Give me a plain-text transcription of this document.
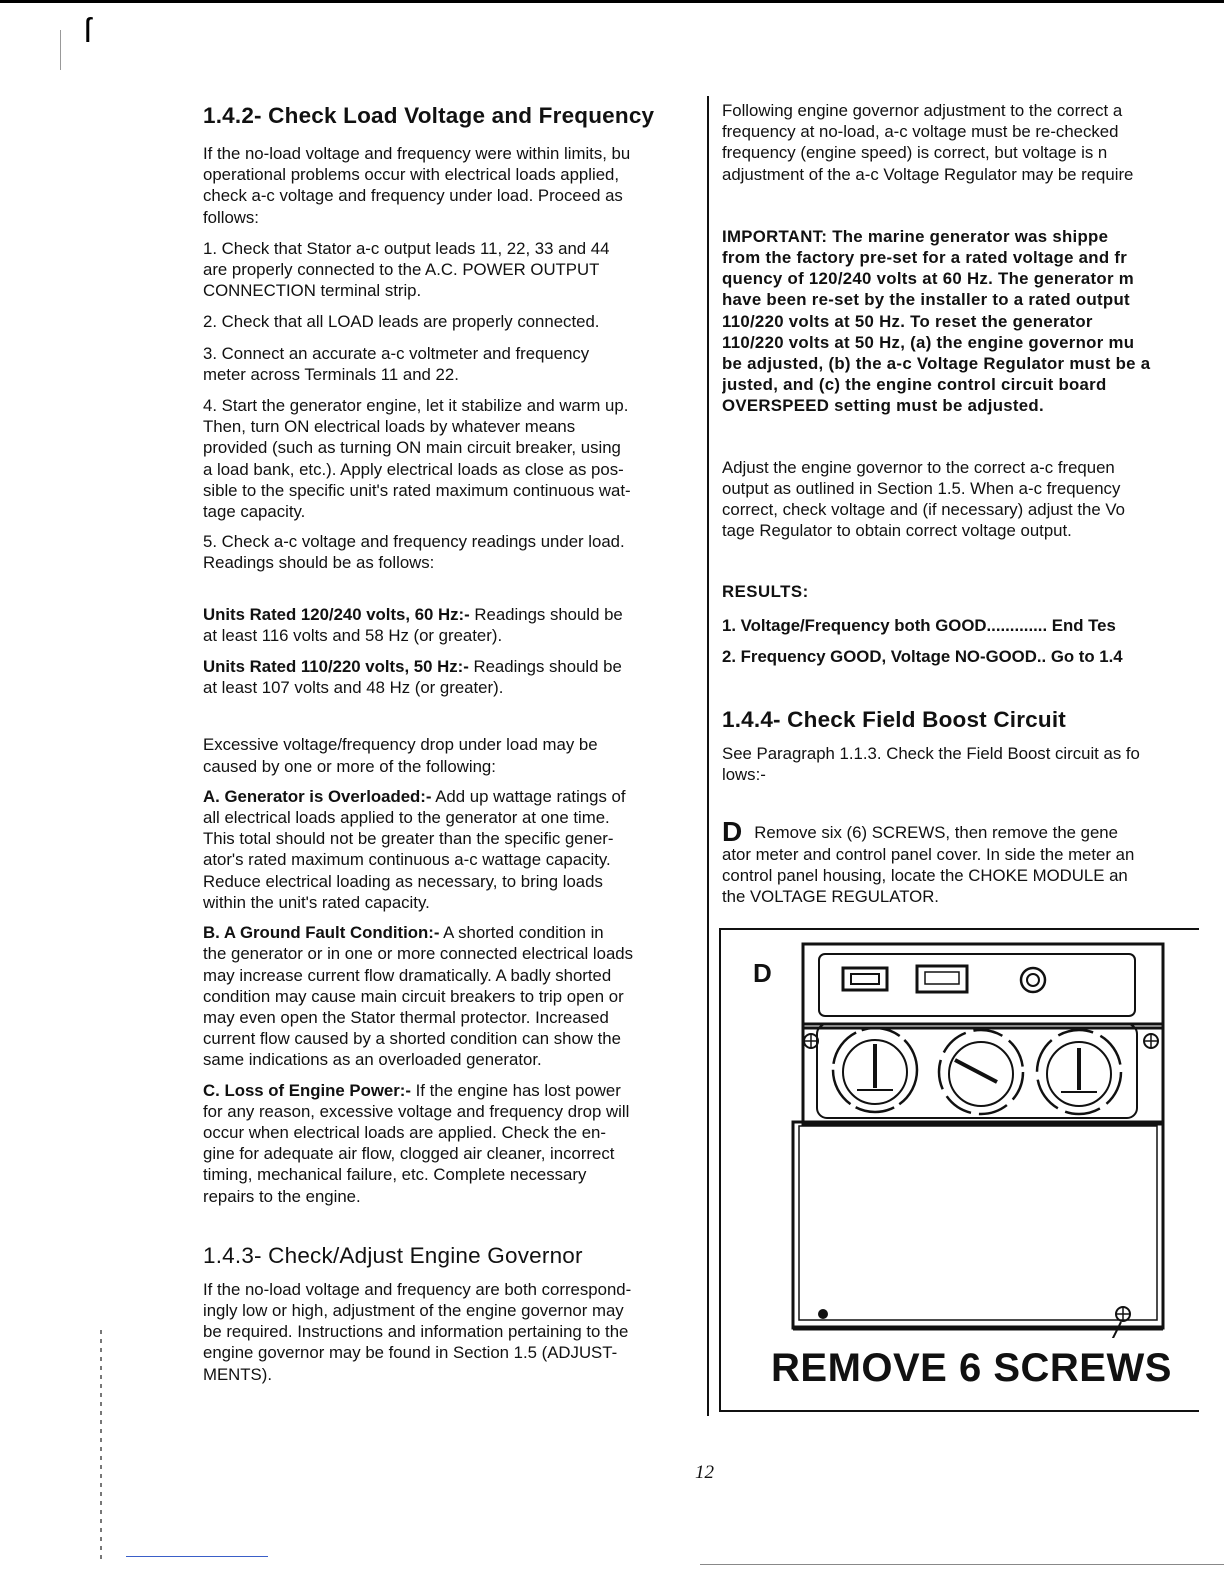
ſ
1.4.2- Check Load Voltage and Frequency

If the no-load voltage and frequency were within limits, bu

operational problems occur with electrical loads applied,

check a-c voltage and frequency under load. Proceed as

follows:

1. Check that Stator a-c output leads 11, 22, 33 and 44

are properly connected to the A.C. POWER OUTPUT

CONNECTION terminal strip.

2. Check that all LOAD leads are properly connected.

3. Connect an accurate a-c voltmeter and frequency

meter across Terminals 11 and 22.

4. Start the generator engine, let it stabilize and warm up.

Then, turn ON electrical loads by whatever means

provided (such as turning ON main circuit breaker, using

a load bank, etc.). Apply electrical loads as close as pos-

sible to the specific unit's rated maximum continuous wat-

tage capacity.

5. Check a-c voltage and frequency readings under load.

Readings should be as follows:

Units Rated 120/240 volts, 60 Hz:- Readings should be

at least 116 volts and 58 Hz (or greater).

Units Rated 110/220 volts, 50 Hz:- Readings should be

at least 107 volts and 48 Hz (or greater).

Excessive voltage/frequency drop under load may be

caused by one or more of the following:

A. Generator is Overloaded:- Add up wattage ratings of

all electrical loads applied to the generator at one time.

This total should not be greater than the specific gener-

ator's rated maximum continuous a-c wattage capacity.

Reduce electrical loading as necessary, to bring loads

within the unit's rated capacity.

B. A Ground Fault Condition:- A shorted condition in

the generator or in one or more connected electrical loads

may increase current flow dramatically. A badly shorted

condition may cause main circuit breakers to trip open or

may even open the Stator thermal protector. Increased

current flow caused by a shorted condition can show the

same indications as an overloaded generator.

C. Loss of Engine Power:- If the engine has lost power

for any reason, excessive voltage and frequency drop will

occur when electrical loads are applied. Check the en-

gine for adequate air flow, clogged air cleaner, incorrect

timing, mechanical failure, etc. Complete necessary

repairs to the engine.

1.4.3- Check/Adjust Engine Governor

If the no-load voltage and frequency are both correspond-

ingly low or high, adjustment of the engine governor may

be required. Instructions and information pertaining to the

engine governor may be found in Section 1.5 (ADJUST-

MENTS).

Following engine governor adjustment to the correct a

frequency at no-load, a-c voltage must be re-checked

frequency (engine speed) is correct, but voltage is n

adjustment of the a-c Voltage Regulator may be require

IMPORTANT: The marine generator was shippe

from the factory pre-set for a rated voltage and fr

quency of 120/240 volts at 60 Hz. The generator m

have been re-set by the installer to a rated output

110/220 volts at 50 Hz. To reset the generator

110/220 volts at 50 Hz, (a) the engine governor mu

be adjusted, (b) the a-c Voltage Regulator must be a

justed, and (c) the engine control circuit board

OVERSPEED setting must be adjusted.

Adjust the engine governor to the correct a-c frequen

output as outlined in Section 1.5. When a-c frequency

correct, check voltage and (if necessary) adjust the Vo

tage Regulator to obtain correct voltage output.

RESULTS:

1. Voltage/Frequency both GOOD............. End Tes

2. Frequency GOOD, Voltage NO-GOOD.. Go to 1.4

1.4.4- Check Field Boost Circuit

See Paragraph 1.1.3. Check the Field Boost circuit as fo

lows:-

D Remove six (6) SCREWS, then remove the gene

ator meter and control panel cover. In side the meter an

control panel housing, locate the CHOKE MODULE an

the VOLTAGE REGULATOR.

D
REMOVE 6 SCREWS
12
